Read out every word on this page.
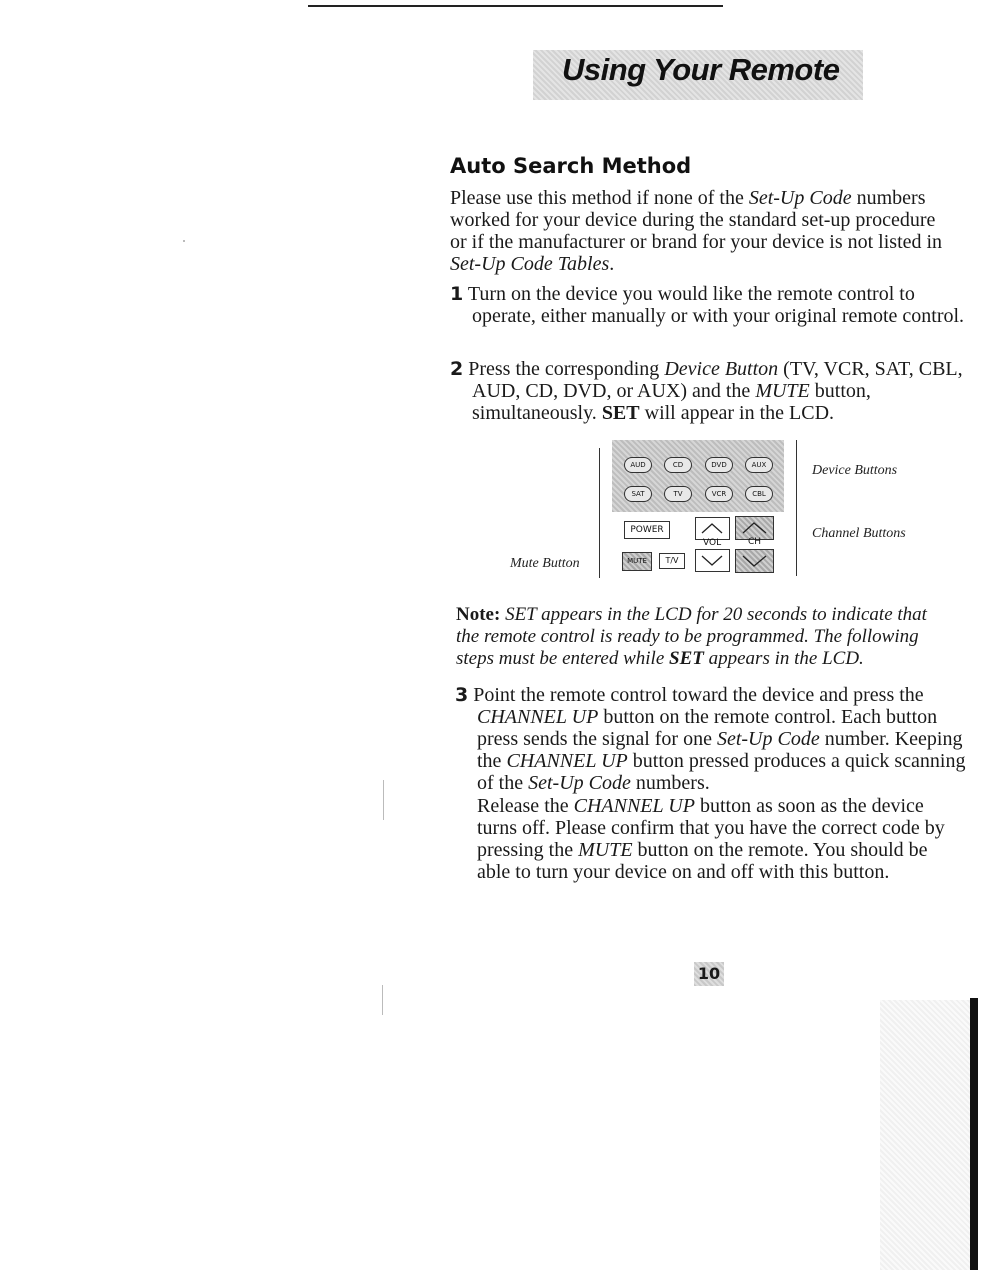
Using Your Remote
Auto Search Method
Please use this method if none of the Set-Up Code numbers worked for your device during the standard set-up procedure or if the manufacturer or brand for your device is not listed in Set-Up Code Tables.
1 Turn on the device you would like the remote control to operate, either manually or with your original remote control.
2 Press the corresponding Device Button (TV, VCR, SAT, CBL, AUD, CD, DVD, or AUX) and the MUTE button, simultaneously. SET will appear in the LCD.
AUD	CD	DVD	AUX
SAT	TV	VCR	CBL
POWER
VOL	CH
MUTE	T/V
Device Buttons
Channel Buttons
Mute Button
Note: SET appears in the LCD for 20 seconds to indicate that the remote control is ready to be programmed. The following steps must be entered while SET appears in the LCD.
3 Point the remote control toward the device and press the CHANNEL UP button on the remote control. Each button press sends the signal for one Set-Up Code number. Keeping the CHANNEL UP button pressed produces a quick scanning of the Set-Up Code numbers.
Release the CHANNEL UP button as soon as the device turns off. Please confirm that you have the correct code by pressing the MUTE button on the remote. You should be able to turn your device on and off with this button.
10
